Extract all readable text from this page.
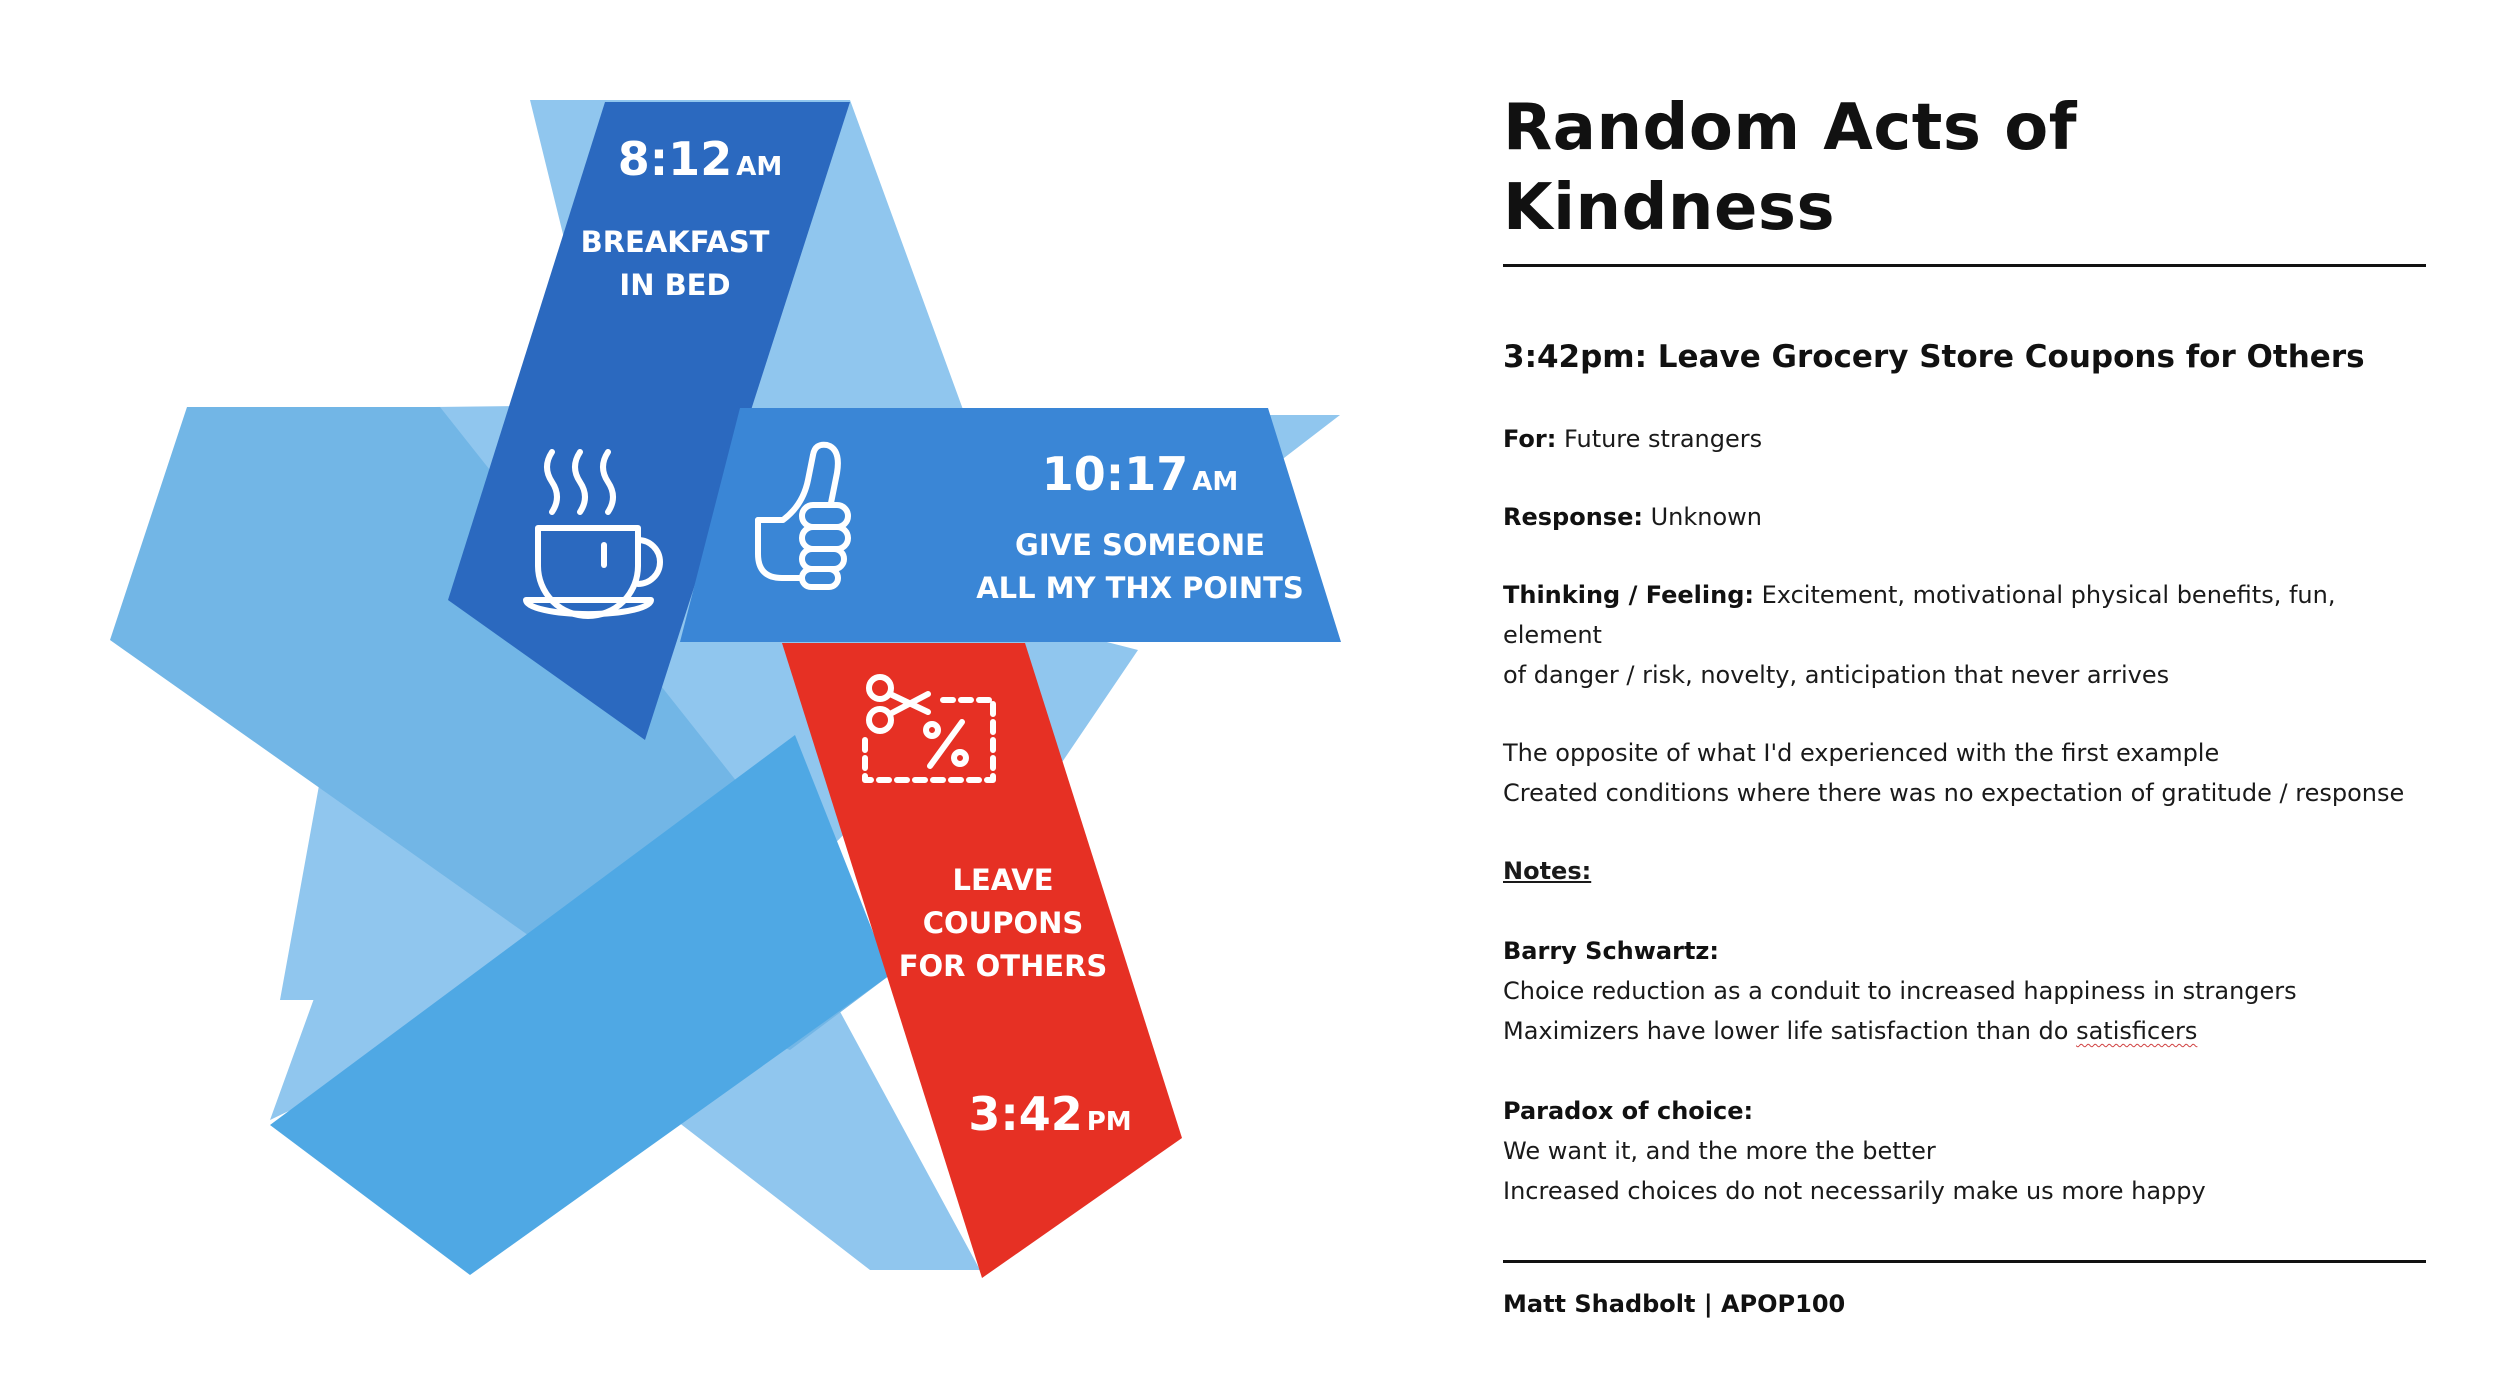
8:12 AM
BREAKFAST
IN BED
10:17 AM
GIVE SOMEONE
ALL MY THX POINTS
LEAVE
COUPONS
FOR OTHERS
3:42 PM
Random Acts of Kindness
3:42pm: Leave Grocery Store Coupons for Others
For: Future strangers
Response: Unknown
Thinking / Feeling: Excitement, motivational physical benefits, fun, element
of danger / risk, novelty, anticipation that never arrives
The opposite of what I'd experienced with the first example
Created conditions where there was no expectation of gratitude / response
Notes:
Barry Schwartz:
Choice reduction as a conduit to increased happiness in strangers
Maximizers have lower life satisfaction than do satisficers
Paradox of choice:
We want it, and the more the better
Increased choices do not necessarily make us more happy
Matt Shadbolt | APOP100
